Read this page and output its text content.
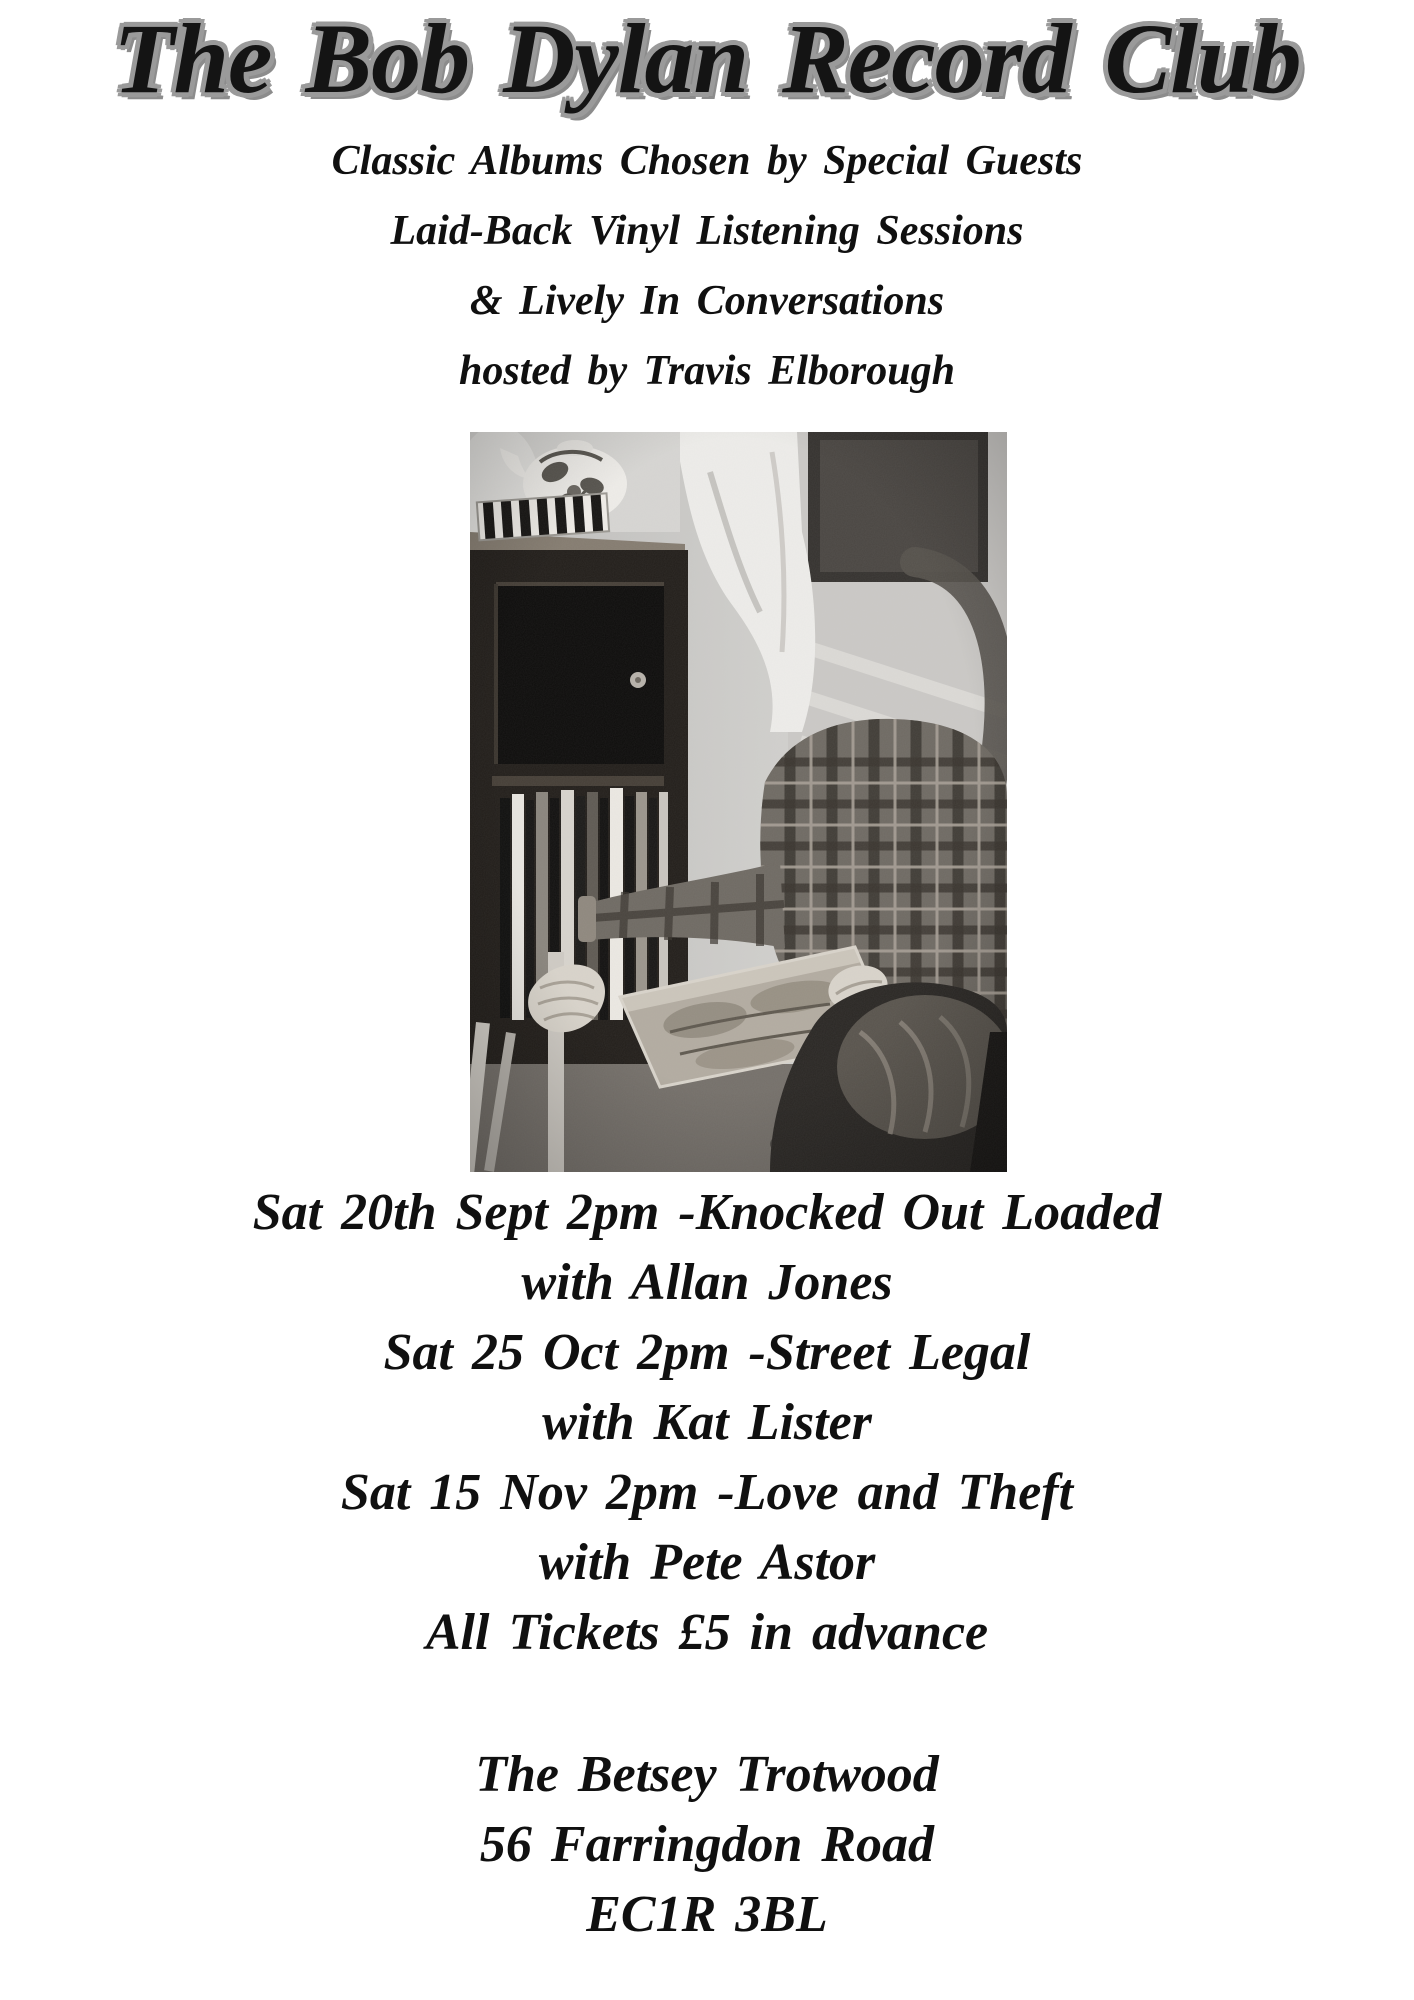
The Bob Dylan Record Club

Classic Albums Chosen by Special Guests

Laid-Back Vinyl Listening Sessions

& Lively In Conversations

hosted by Travis Elborough

Sat 20th Sept 2pm -Knocked Out Loaded

with Allan Jones

Sat 25 Oct 2pm -Street Legal

with Kat Lister

Sat 15 Nov 2pm -Love and Theft

with Pete Astor

All Tickets £5 in advance

The Betsey Trotwood

56 Farringdon Road

EC1R 3BL
